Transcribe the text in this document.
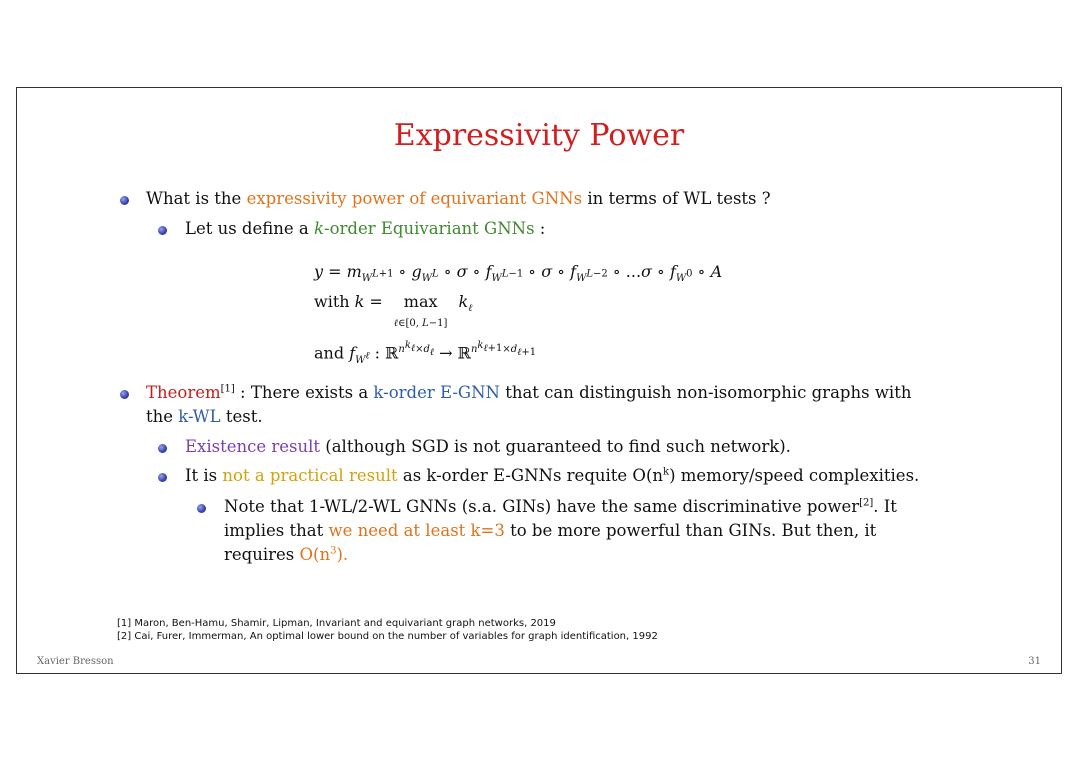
Expressivity Power
What is the expressivity power of equivariant GNNs in terms of WL tests ?
Let us define a k-order Equivariant GNNs :
$y = m_{W^{L+1}}$ ∘ $g_{W^L}$ ∘ σ ∘ $f_{W^{L-1}}$ ∘ σ ∘ $f_{W^{L-2}}$ ∘ ...σ ∘ $f_{W^0}$ ∘ A
with k = max
ℓ∈[0, L−1] $k_\ell$
and $f_{W^\ell}$ : ℝ$^{n^{k_\ell}\times d_\ell}$ → ℝ$^{n^{k_{\ell+1}}\times d_{\ell+1}}$
Theorem[1] : There exists a k-order E-GNN that can distinguish non-isomorphic graphs with
the k-WL test.
Existence result (although SGD is not guaranteed to find such network).
It is not a practical result as k-order E-GNNs requite $O(n^k)$ memory/speed complexities.
Note that 1-WL/2-WL GNNs (s.a. GINs) have the same discriminative power[2]. It
implies that we need at least k=3 to be more powerful than GINs. But then, it
requires $O(n^3)$.
[1] Maron, Ben-Hamu, Shamir, Lipman, Invariant and equivariant graph networks, 2019
[2] Cai, Furer, Immerman, An optimal lower bound on the number of variables for graph identification, 1992
Xavier Bresson	31
